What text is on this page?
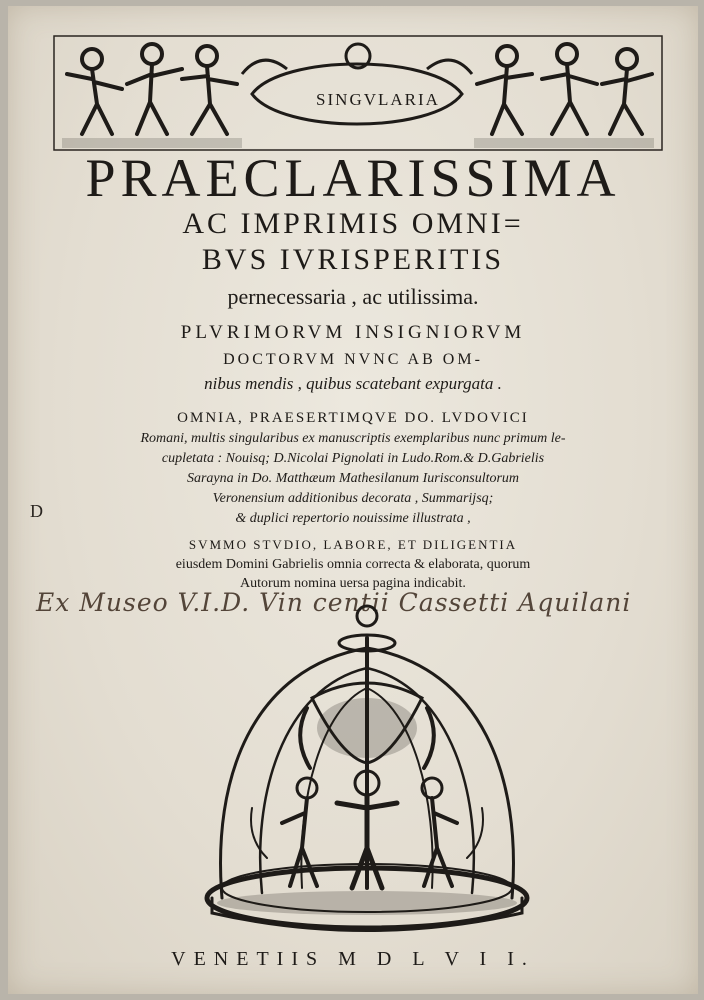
SINGVLARIA
PRAECLARISSIMA
AC IMPRIMIS OMNI=
BVS IVRISPERITIS
pernecessaria , ac utilissima.
PLVRIMORVM INSIGNIORVM
DOCTORVM NVNC AB OM-
nibus mendis , quibus scatebant expurgata .
OMNIA, PRAESERTIMQVE DO. LVDOVICI
Romani, multis singularibus ex manuscriptis exemplaribus nunc primum le-
cupletata : Nouisq; D.Nicolai Pignolati in Ludo.Rom.& D.Gabrielis
Sarayna in Do. Matthæum Mathesilanum Iurisconsultorum
Veronensium additionibus decorata , Summarijsq;
& duplici repertorio nouissime illustrata ,
SVMMO STVDIO, LABORE, ET DILIGENTIA
eiusdem Domini Gabrielis omnia correcta & elaborata, quorum
Autorum nomina uersa pagina indicabit.
D
Ex Museo V.I.D. Vin centii Cassetti Aquilani
VENETIIS M D L V I I.
